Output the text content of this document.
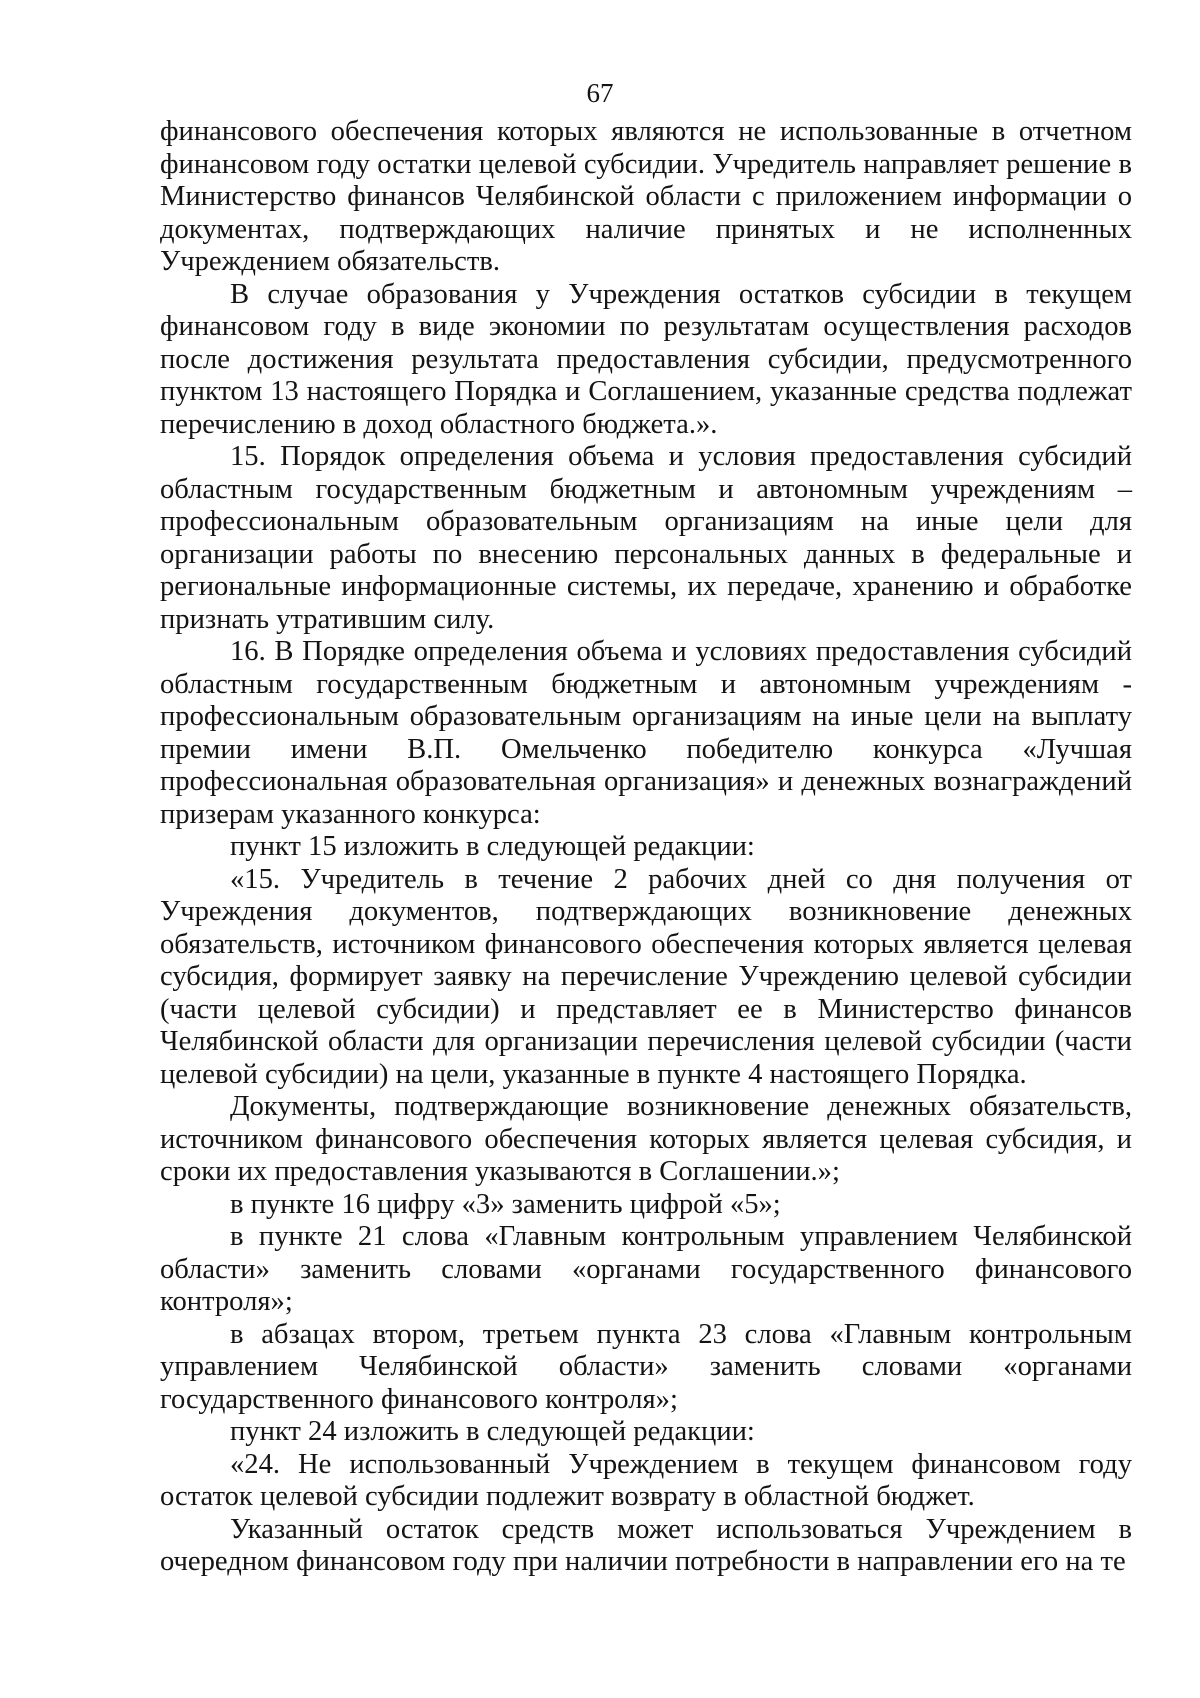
67

финансового обеспечения которых являются не использованные в отчетном финансовом году остатки целевой субсидии. Учредитель направляет решение в Министерство финансов Челябинской области с приложением информации о документах, подтверждающих наличие принятых и не исполненных Учреждением обязательств.

В случае образования у Учреждения остатков субсидии в текущем финансовом году в виде экономии по результатам осуществления расходов после достижения результата предоставления субсидии, предусмотренного пунктом 13 настоящего Порядка и Соглашением, указанные средства подлежат перечислению в доход областного бюджета.».

15. Порядок определения объема и условия предоставления субсидий областным государственным бюджетным и автономным учреждениям – профессиональным образовательным организациям на иные цели для организации работы по внесению персональных данных в федеральные и региональные информационные системы, их передаче, хранению и обработке признать утратившим силу.

16. В Порядке определения объема и условиях предоставления субсидий областным государственным бюджетным и автономным учреждениям - профессиональным образовательным организациям на иные цели на выплату премии имени В.П. Омельченко победителю конкурса «Лучшая профессиональная образовательная организация» и денежных вознаграждений призерам указанного конкурса:

пункт 15 изложить в следующей редакции:

«15. Учредитель в течение 2 рабочих дней со дня получения от Учреждения документов, подтверждающих возникновение денежных обязательств, источником финансового обеспечения которых является целевая субсидия, формирует заявку на перечисление Учреждению целевой субсидии (части целевой субсидии) и представляет ее в Министерство финансов Челябинской области для организации перечисления целевой субсидии (части целевой субсидии) на цели, указанные в пункте 4 настоящего Порядка.

Документы, подтверждающие возникновение денежных обязательств, источником финансового обеспечения которых является целевая субсидия, и сроки их предоставления указываются в Соглашении.»;

в пункте 16 цифру «3» заменить цифрой «5»;

в пункте 21 слова «Главным контрольным управлением Челябинской области» заменить словами «органами государственного финансового контроля»;

в абзацах втором, третьем пункта 23 слова «Главным контрольным управлением Челябинской области» заменить словами «органами государственного финансового контроля»;

пункт 24 изложить в следующей редакции:

«24. Не использованный Учреждением в текущем финансовом году остаток целевой субсидии подлежит возврату в областной бюджет.

Указанный остаток средств может использоваться Учреждением в очередном финансовом году при наличии потребности в направлении его на те
